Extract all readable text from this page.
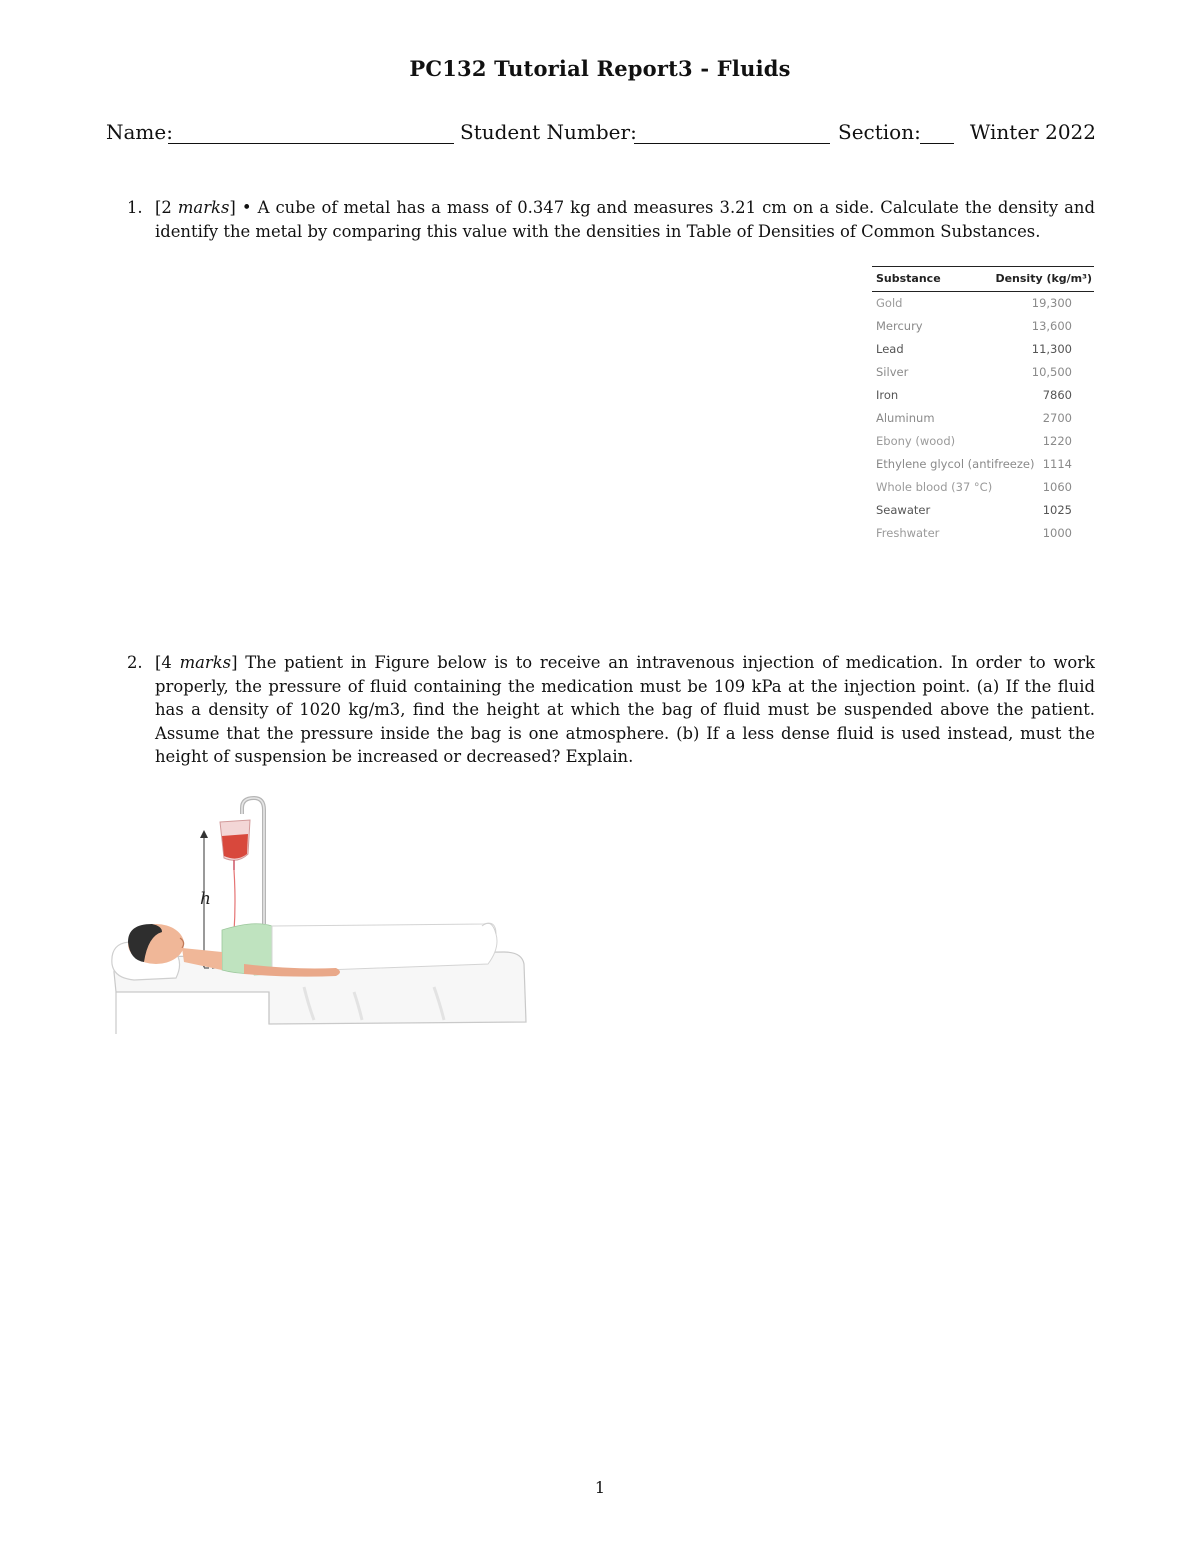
PC132 Tutorial Report3 - Fluids
Name:	Student Number:	Section: Winter 2022
1. [2 marks] • A cube of metal has a mass of 0.347 kg and measures 3.21 cm on a side. Calculate the density and identify the metal by comparing this value with the densities in Table of Densities of Common Substances.
Substance	Density (kg/m³)
Gold	19,300
Mercury	13,600
Lead	11,300
Silver	10,500
Iron	7860
Aluminum	2700
Ebony (wood)	1220
Ethylene glycol (antifreeze) 1114
Whole blood (37 °C)	1060
Seawater	1025
Freshwater	1000
2. [4 marks] The patient in Figure below is to receive an intravenous injection of medication. In order to work properly, the pressure of fluid containing the medication must be 109 kPa at the injection point. (a) If the fluid has a density of 1020 kg/m3, find the height at which the bag of fluid must be suspended above the patient. Assume that the pressure inside the bag is one atmosphere. (b) If a less dense fluid is used instead, must the height of suspension be increased or decreased? Explain.
h
1
